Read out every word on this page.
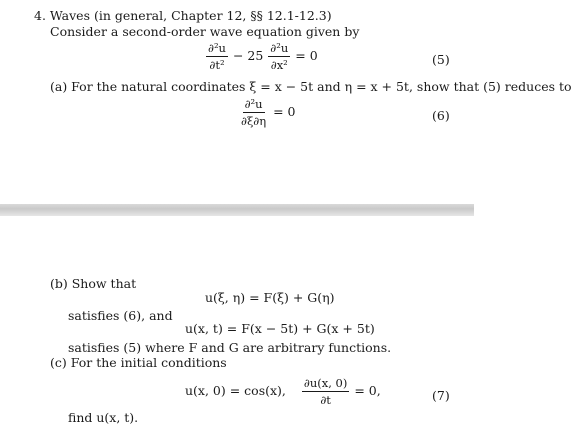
4. Waves (in general, Chapter 12, §§ 12.1-12.3)
Consider a second-order wave equation given by
$\frac{\text{∂²u}}{\text{∂t²}} - 25 \frac{\text{∂²u}}{\text{∂x²}} = 0$	(5)
(a) For the natural coordinates ξ = x − 5t and η = x + 5t, show that (5) reduces to
$\frac{\text{∂²u}}{\partial\xi\partial\eta} = 0$	(6)
(b) Show that
u(ξ, η) = F(ξ) + G(η)
satisfies (6), and
u(x, t) = F(x − 5t) + G(x + 5t)
satisfies (5) where F and G are arbitrary functions.
(c) For the initial conditions
u(x, 0) = cos(x), $\frac{\partial u(x, 0)}{\partial t} = 0$,	(7)
find u(x, t).
